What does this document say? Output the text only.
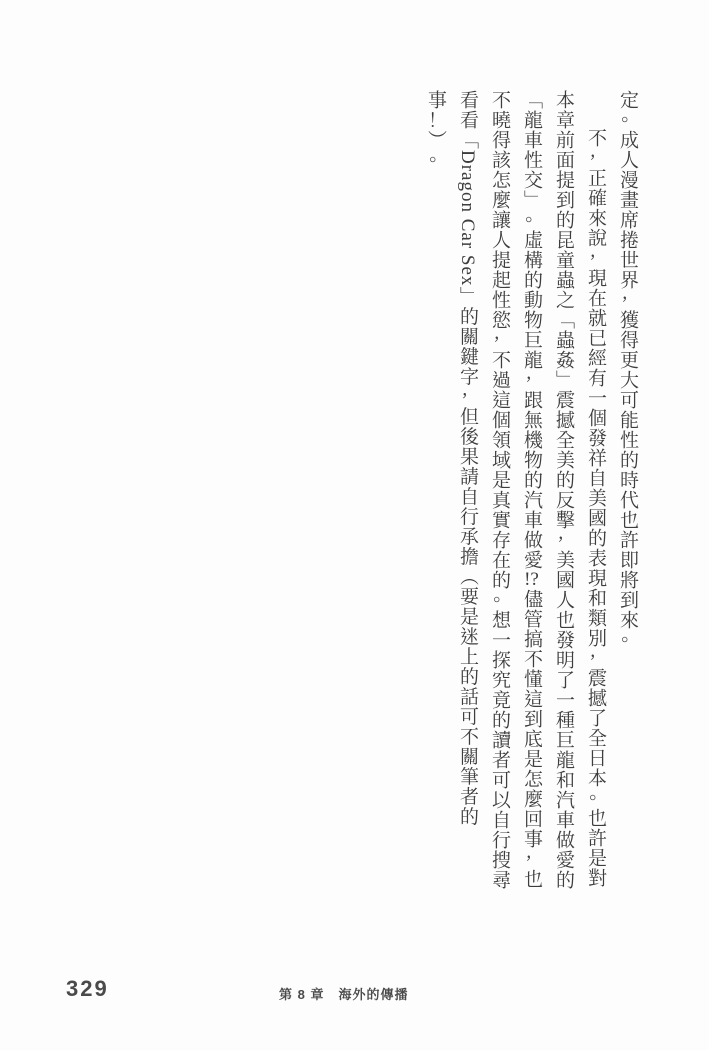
定。成人漫畫席捲世界，獲得更大可能性的時代也許即將到來。

不，正確來說，現在就已經有一個發祥自美國的表現和類別，震撼了全日本。也許是對本章前面提到的昆童蟲之「蟲姦」震撼全美的反擊，美國人也發明了一種巨龍和汽車做愛的「龍車性交」。虛構的動物巨龍，跟無機物的汽車做愛!?儘管搞不懂這到底是怎麼回事，也不曉得該怎麼讓人提起性慾，不過這個領域是真實存在的。想一探究竟的讀者可以自行搜尋看看「Dragon Car Sex」的關鍵字，但後果請自行承擔（要是迷上的話可不關筆者的事！）。

329	第 8 章　海外的傳播
